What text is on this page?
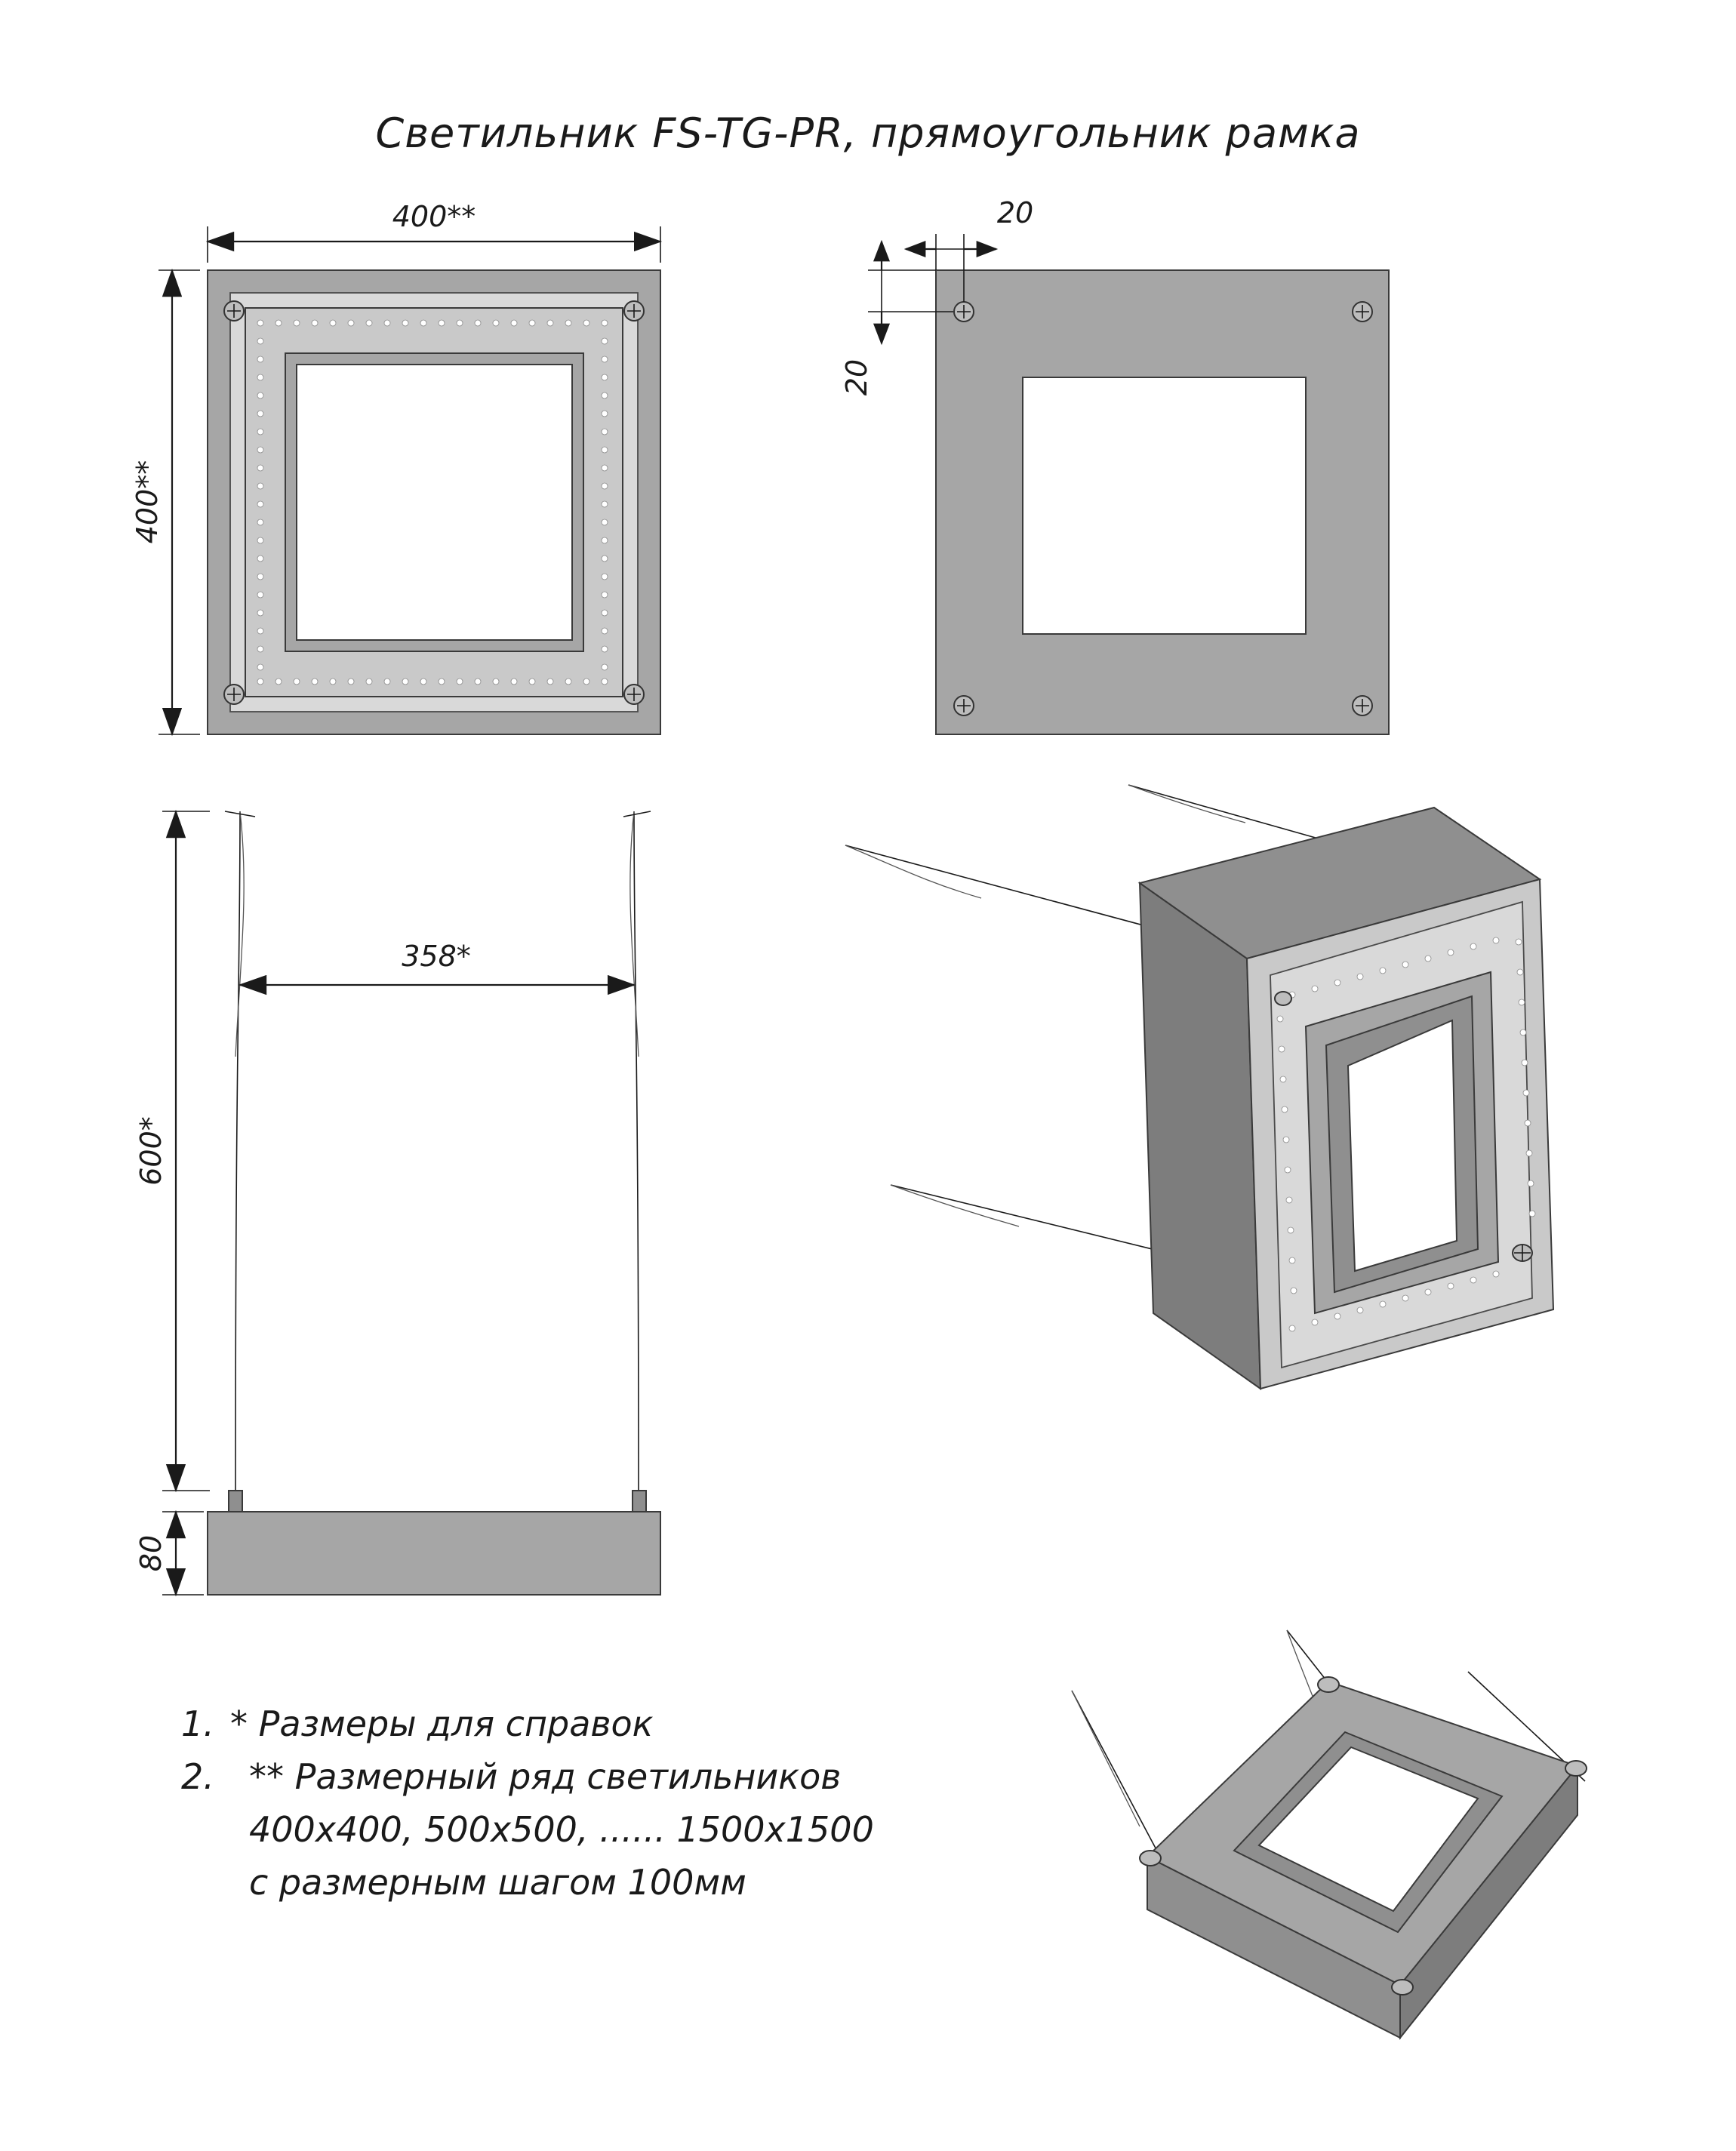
Светильник FS-TG-PR, прямоугольник рамка
400**
400**
20
20
358*
600*
80
1. * Размеры для справок
2. ** Размерный ряд светильников
400х400, 500х500, ...... 1500х1500
с размерным шагом 100мм
